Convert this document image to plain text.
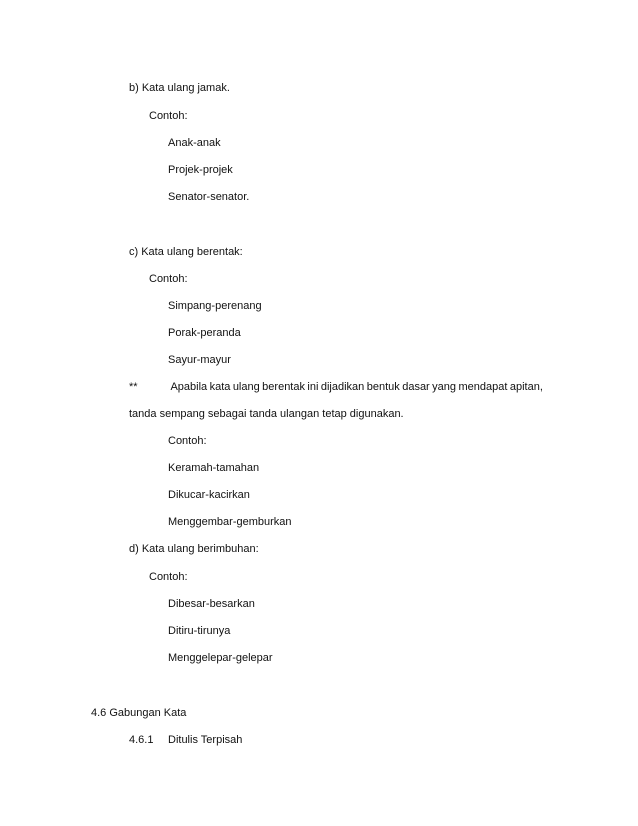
b) Kata ulang jamak.
Contoh:
Anak-anak
Projek-projek
Senator-senator.
c) Kata ulang berentak:
Contoh:
Simpang-perenang
Porak-peranda
Sayur-mayur
**	Apabila kata ulang berentak ini dijadikan bentuk dasar yang mendapat apitan,
tanda sempang sebagai tanda ulangan tetap digunakan.
Contoh:
Keramah-tamahan
Dikucar-kacirkan
Menggembar-gemburkan
d) Kata ulang berimbuhan:
Contoh:
Dibesar-besarkan
Ditiru-tirunya
Menggelepar-gelepar
4.6 Gabungan Kata
4.6.1 Ditulis Terpisah
